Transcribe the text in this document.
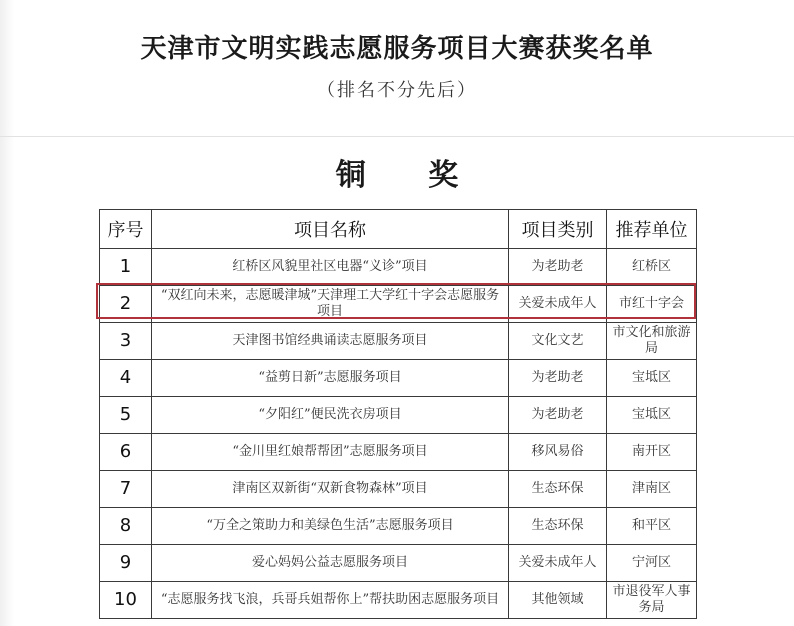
天津市文明实践志愿服务项目大赛获奖名单
（排名不分先后）
铜 奖
序号	项目名称	项目类别	推荐单位
1	红桥区风貌里社区电器“义诊”项目	为老助老	红桥区
2	“双红向未来，志愿暖津城”天津理工大学红十字会志愿服务项目	关爱未成年人	市红十字会
3	天津图书馆经典诵读志愿服务项目	文化文艺	市文化和旅游局
4	“益剪日新”志愿服务项目	为老助老	宝坻区
5	“夕阳红”便民洗衣房项目	为老助老	宝坻区
6	“金川里红娘帮帮团”志愿服务项目	移风易俗	南开区
7	津南区双新街“双新食物森林”项目	生态环保	津南区
8	“万全之策助力和美绿色生活”志愿服务项目	生态环保	和平区
9	爱心妈妈公益志愿服务项目	关爱未成年人	宁河区
10	“志愿服务找飞浪，兵哥兵姐帮你上”帮扶助困志愿服务项目	其他领域	市退役军人事务局
